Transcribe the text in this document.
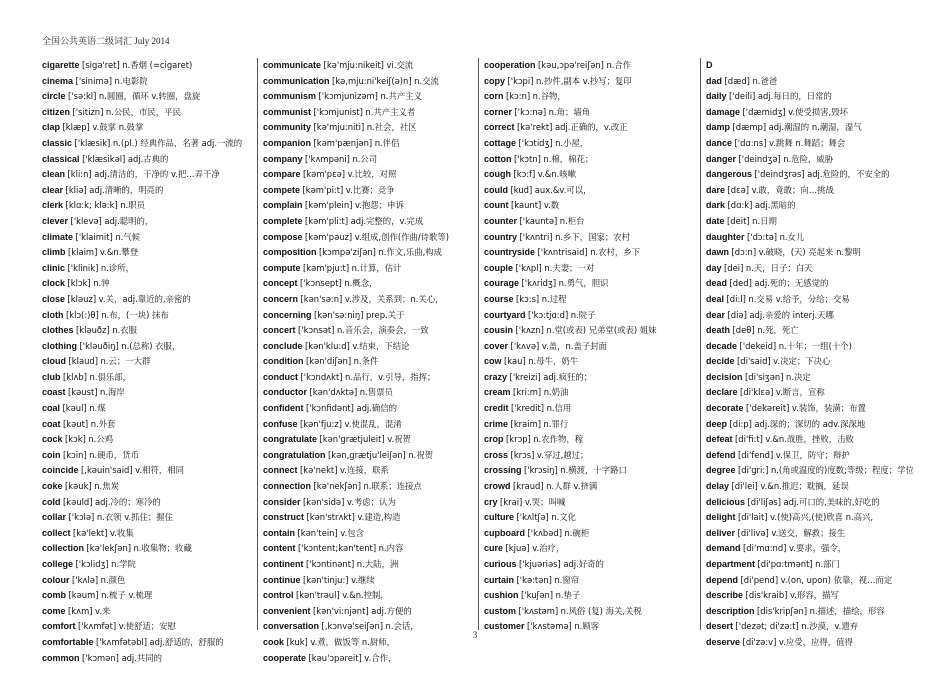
全国公共英语二级词汇 July 2014

cigarette [sigə'ret] n.香烟 (=cigaret)

cinema ['sinimə] n.电影院

circle ['sə:kl] n.圆圈，循环 v.转圈，盘旋

citizen ['sitizn] n.公民，市民，平民

clap [klæp] v.鼓掌 n.鼓掌

classic ['klæsik] n.(pl.) 经典作品，名著 adj.一流的

classical ['klæsikəl] adj.古典的

clean [kli:n] adj.清洁的，干净的 v.把…弄干净

clear [kliə] adj.清晰的，明亮的

clerk [klɑ:k; klə:k] n.职员

clever ['klevə] adj.聪明的，

climate ['klaimit] n.气候

climb [klaim] v.&n.攀登

clinic ['klinik] n.诊所，

clock [klɔk] n.钟

close [kləuz] v.关，adj.靠近的,亲密的

cloth [klɔ(:)θ] n.布，(一块) 抹布

clothes [kləuðz] n.衣服

clothing ['kləuðiŋ] n.(总称) 衣服，

cloud [klaud] n.云；一大群

club [klʌb] n.俱乐部，

coast [kəust] n.海岸

coal [kəul] n.煤

coat [kəut] n.外套

cock [kɔk] n.公鸡

coin [kɔin] n.硬币，货币

coincide [,kəuin'said] v.相符，相同

coke [kəuk] n.焦炭

cold [kəuld] adj.冷的；寒冷的

collar ['kɔlə] n.衣领 v.抓住；握住

collect [kə'lekt] v.收集

collection [kə'lekʃən] n.收集物；收藏

college ['kɔlidʒ] n.学院

colour ['kʌlə] n.颜色

comb [kəum] n.梳子 v.梳理

come [kʌm] v.来

comfort ['kʌmfət] v.使舒适；安慰

comfortable ['kʌmfətəbl] adj.舒适的，舒服的

common ['kɔmən] adj.共同的

communicate [kə'mju:nikeit] vi.交流

communication [kə,mju:ni'keiʃ(ə)n] n.交流

communism ['kɔmjunizəm] n.共产主义

communist ['kɔmjunist] n.共产主义者

community [kə'mju:niti] n.社会，社区

companion [kəm'pænjən] n.伴侣

company ['kʌmpəni] n.公司

compare [kəm'pɛə] v.比较，对照

compete [kəm'pi:t] v.比赛；竞争

complain [kəm'plein] v.抱怨；申诉

complete [kəm'pli:t] adj.完整的，v.完成

compose [kəm'pəuz] v.组成,创作(作曲/诗歌等)

composition [kɔmpə'ziʃən] n.作文,乐曲,构成

compute [kəm'pju:t] n.计算，估计

concept ['kɔnsept] n.概念，

concern [kən'sə:n] v.涉及，关系到；n.关心，

concerning [kən'sə:niŋ] prep.关于

concert ['kɔnsət] n.音乐会，演奏会，一致

conclude [kən'klu:d] v.结束，下结论

condition [kən'diʃən] n.条件

conduct ['kɔndʌkt] n.品行，v.引导，指挥；

conductor [kən'dʌktə] n.售票员

confident ['kɔnfidənt] adj.确信的

confuse [kən'fju:z] v.使混乱，混淆

congratulate [kən'grætjuleit] v.祝贺

congratulation [kən,grætju'leiʃən] n.祝贺

connect [kə'nekt] v.连接，联系

connection [kə'nekʃən] n.联系；连接点

consider [kən'sidə] v.考虑；认为

construct [kən'strʌkt] v.建造,构造

contain [kən'tein] v.包含

content ['kɔntent;kən'tent] n.内容

continent ['kɔntinənt] n.大陆，洲

continue [kən'tinju:] v.继续

control [kən'trəul] v.&n.控制，

convenient [kən'vi:njənt] adj.方便的

conversation [,kɔnvə'seiʃən] n.会话，

cook [kuk] v.煮，做饭等 n.厨师，

cooperate [kəu'ɔpəreit] v.合作，

cooperation [kəu,ɔpə'reiʃən] n.合作

copy ['kɔpi] n.抄件,副本 v.抄写；复印

corn [kɔ:n] n.谷物，

corner ['kɔ:nə] n.角；墙角

correct [kə'rekt] adj.正确的，v.改正

cottage ['kɔtidʒ] n.小屋，

cotton ['kɔtn] n.棉，棉花；

cough [kɔ:f] v.&n.咳嗽

could [kud] aux.&v.可以，

count [kaunt] v.数

counter ['kauntə] n.柜台

country ['kʌntri] n.乡下，国家；农村

countryside ['kʌntrisaid] n.农村，乡下

couple ['kʌpl] n.夫妻；一对

courage ['kʌridʒ] n.勇气，胆识

course [kɔ:s] n.过程

courtyard ['kɔ:tjɑ:d] n.院子

cousin ['kʌzn] n.堂(或表) 兄弟堂(或表) 姐妹

cover ['kʌvə] v.盖，n.盖子封面

cow [kau] n.母牛，奶牛

crazy ['kreizi] adj.疯狂的；

cream [kri:m] n.奶油

credit ['kredit] n.信用

crime [kraim] n.罪行

crop [krɔp] n.农作物，稼

cross [krɔs] v.穿过,越过；

crossing ['krɔsiŋ] n.横渡，十字路口

crowd [kraud] n.人群 v.挤满

cry [krai] v.哭；叫喊

culture ['kʌltʃə] n.文化

cupboard ['kʌbəd] n.碗柜

cure [kjuə] v.治疗，

curious ['kjuəriəs] adj.好奇的

curtain ['kə:tən] n.窗帘

cushion ['kuʃən] n.垫子

custom ['kʌstəm] n.风俗 (复) 海关,关税

customer ['kʌstəmə] n.顾客

D

dad [dæd] n.爸爸

daily ['deili] adj.每日的，日常的

damage ['dæmidʒ] v.使受损害,毁坏

damp [dæmp] adj.潮湿的 n.潮湿，湿气

dance ['dɑ:ns] v.跳舞 n.舞蹈；舞会

danger ['deindʒə] n.危险，威胁

dangerous ['deindʒrəs] adj.危险的，不安全的

dare [dɛə] v.敢，竟敢；向…挑战

dark [dɑ:k] adj.黑暗的

date [deit] n.日期

daughter ['dɔ:tə] n.女儿

dawn [dɔ:n] v.破晓，(天) 亮起来 n.黎明

day [dei] n.天，日子；白天

dead [ded] adj.死的；无感觉的

deal [di:l] n.交易 v.给予，分给；交易

dear [diə] adj.亲爱的 interj.天哪

death [deθ] n.死，死亡

decade ['dekeid] n.十年；一组(十个)

decide [di'said] v.决定；下决心

decision [di'siʒən] n.决定

declare [di'klɛə] v.断言，宣称

decorate ['dekəreit] v.装饰，装潢；布置

deep [di:p] adj.深的；深切的 adv.深深地

defeat [di'fi:t] v.&n.战胜，挫败，击败

defend [di'fend] v.保卫，防守；辩护

degree [di'gri:] n.(角或温度的)度数;等级；程度；学位

delay [di'lei] v.&n.推迟；耽搁，延误

delicious [di'liʃəs] adj.可口的,美味的,好吃的

delight [di'lait] v.(使)高兴,(使)欣喜 n.高兴,

deliver [di'livə] v.送交，解救；接生

demand [di'mɑ:nd] v.要求，强令，

department [di'pɑ:tmənt] n.部门

depend [di'pend] v.(on, upon) 依靠，视…而定

describe [dis'kraib] v.形容，描写

description [dis'kripʃən] n.描述，描绘，形容

desert ['dezət; di'zə:t] n.沙漠，v.遗弃

deserve [di'zə:v] v.应受，应得，值得

3
